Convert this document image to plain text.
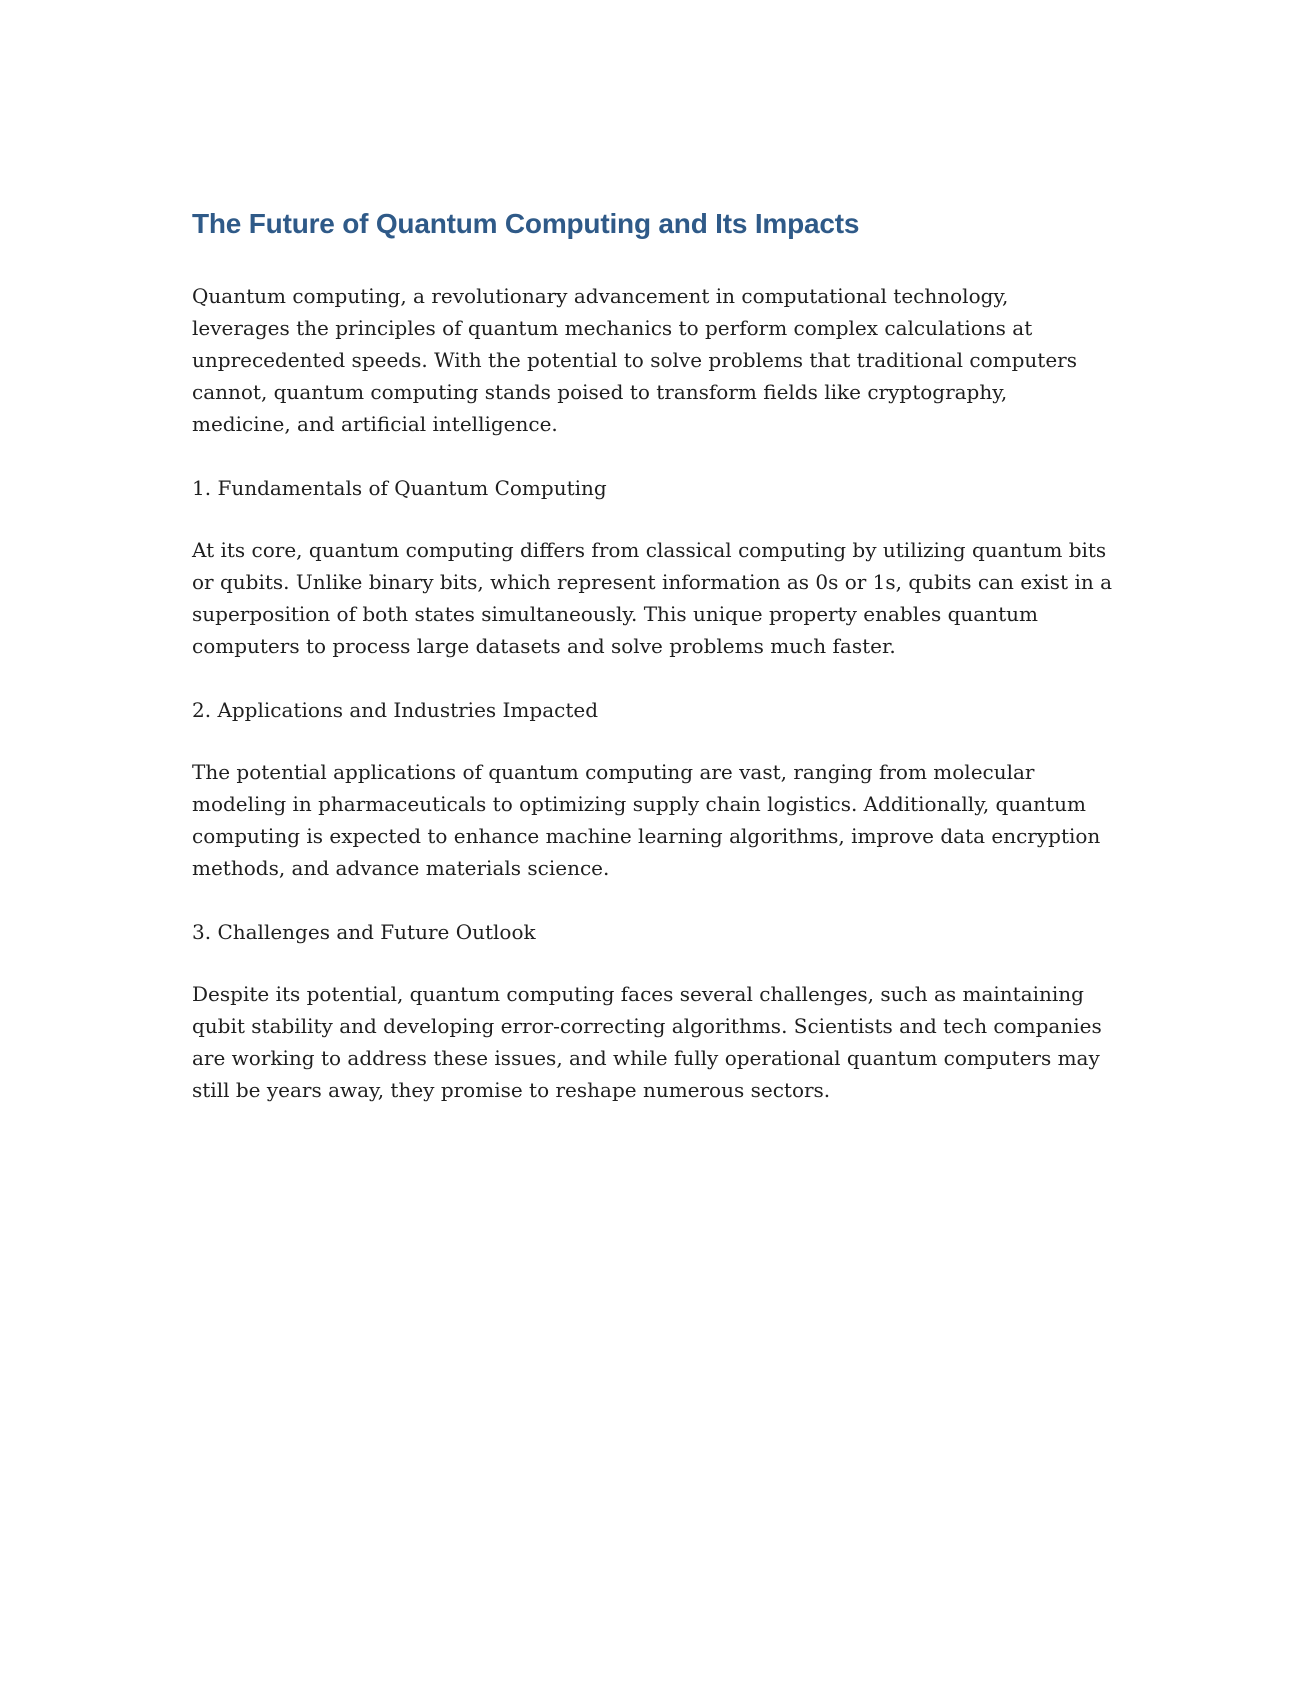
The Future of Quantum Computing and Its Impacts

Quantum computing, a revolutionary advancement in computational technology, leverages the principles of quantum mechanics to perform complex calculations at unprecedented speeds. With the potential to solve problems that traditional computers cannot, quantum computing stands poised to transform fields like cryptography, medicine, and artificial intelligence.

1. Fundamentals of Quantum Computing

At its core, quantum computing differs from classical computing by utilizing quantum bits or qubits. Unlike binary bits, which represent information as 0s or 1s, qubits can exist in a superposition of both states simultaneously. This unique property enables quantum computers to process large datasets and solve problems much faster.

2. Applications and Industries Impacted

The potential applications of quantum computing are vast, ranging from molecular modeling in pharmaceuticals to optimizing supply chain logistics. Additionally, quantum computing is expected to enhance machine learning algorithms, improve data encryption methods, and advance materials science.

3. Challenges and Future Outlook

Despite its potential, quantum computing faces several challenges, such as maintaining qubit stability and developing error-correcting algorithms. Scientists and tech companies are working to address these issues, and while fully operational quantum computers may still be years away, they promise to reshape numerous sectors.
